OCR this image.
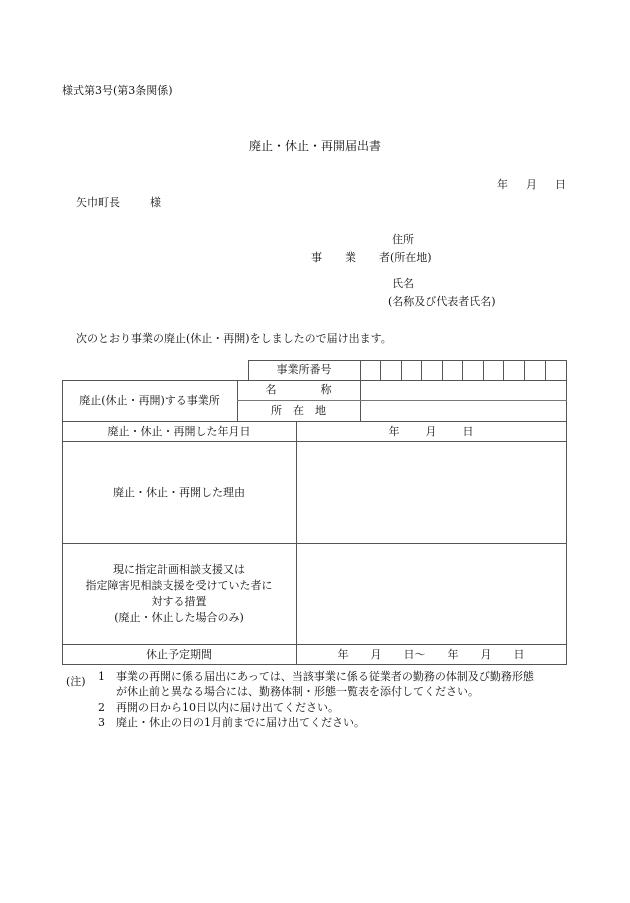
様式第3号(第3条関係)
廃止・休止・再開届出書
年 月 日
矢巾町長	様
住所
事 業 者(所在地)
氏名
(名称及び代表者氏名)
次のとおり事業の廃止(休止・再開)をしましたので届け出ます。
事業所番号
廃止(休止・再開)する事業所
名　　　　称
所　在　地
廃止・休止・再開した年月日	年 月 日
廃止・休止・再開した理由
現に指定計画相談支援又は
指定障害児相談支援を受けていた者に
対する措置
(廃止・休止した場合のみ)
休止予定期間	年 月 日〜 年 月 日
(注) 1 事業の再開に係る届出にあっては、当該事業に係る従業者の勤務の体制及び勤務形態
が休止前と異なる場合には、勤務体制・形態一覧表を添付してください。
2 再開の日から10日以内に届け出てください。
3 廃止・休止の日の1月前までに届け出てください。
